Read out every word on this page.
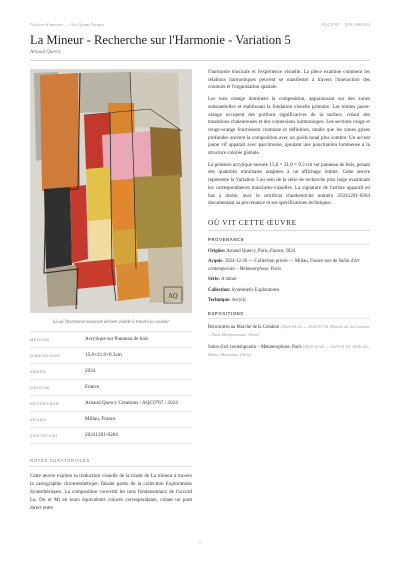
Notices d'œuvres — Art Quant Anima	AQC0767 · NTC-000364
La Mineur - Recherche sur l'Harmonie - Variation 5
Arnaud Quercy
AQ
Là où l'harmonie musicale devient visible à travers la couleur
MÉDIUM	Acrylique sur Panneau de bois
DIMENSIONS	15.0×21.0×0.3cm
ANNÉE	2024
ORIGINE	France
RÉFÉRENCE	Arnaud Quercy Creations / AQC0767 / 2024
VENDU	Millau, France
CERTIFICAT	20241201-0264
NOTES CURATORIALES
Cette œuvre explore la traduction visuelle de la triade de La mineur à travers la cartographie chromesthétique, faisant partie de la collection Explorations Synesthésiques. La composition convertit les tons fondamentaux de l'accord La, Do et Mi en leurs équivalents colorés correspondants, créant un pont direct entre

l'harmonie musicale et l'expérience visuelle. La pièce examine comment les relations harmoniques peuvent se manifester à travers l'interaction des couleurs et l'organisation spatiale.

Les tons orange dominent la composition, apparaissant sur des zones substantielles et établissant la fondation visuelle primaire. Les teintes jaune-orange occupent des portions significatives de la surface, créant des transitions chaleureuses et des connexions harmoniques. Les sections rouge et rouge-orange fournissent contraste et définition, tandis que les zones grises profondes ancrent la composition avec un poids tonal plus sombre. Un accent jaune vif apparaît avec parcimonie, ajoutant une ponctuation lumineuse à la structure colorée globale.

La peinture acrylique mesure 15,0 × 21,0 × 0,3 cm sur panneau de bois, pesant des quantités minimales adaptées à un affichage intime. Cette œuvre représente la Variation 5 au sein de la série de recherche plus large examinant les correspondances musicales-visuelles. La signature de l'artiste apparaît en bas à droite, avec le certificat d'authenticité numéro 20241201-0264 documentant sa provenance et ses spécifications techniques.

OÙ VIT CETTE ŒUVRE
PROVENANCE
Origine: Arnaud Quercy, Paris, France, 2024
Acquis: 2024-12-28 — Collection privée — Millau, France lors de Salon d'art contemporain – Metamorphose, Paris
Série: A minor
Collection: Synesthetic Explorations
Technique: Acrylic
EXPOSITIONS
Rencontres au Marché de la Création (2024-04-21 — 2024-03-30, Marché de la Création – Paris Montparnasse, Paris)
Salon d'art contemporain – Metamorphose, Paris (2024-12-26 — 2025-01-05, Halle des Blancs Manteaux, Paris)
1
